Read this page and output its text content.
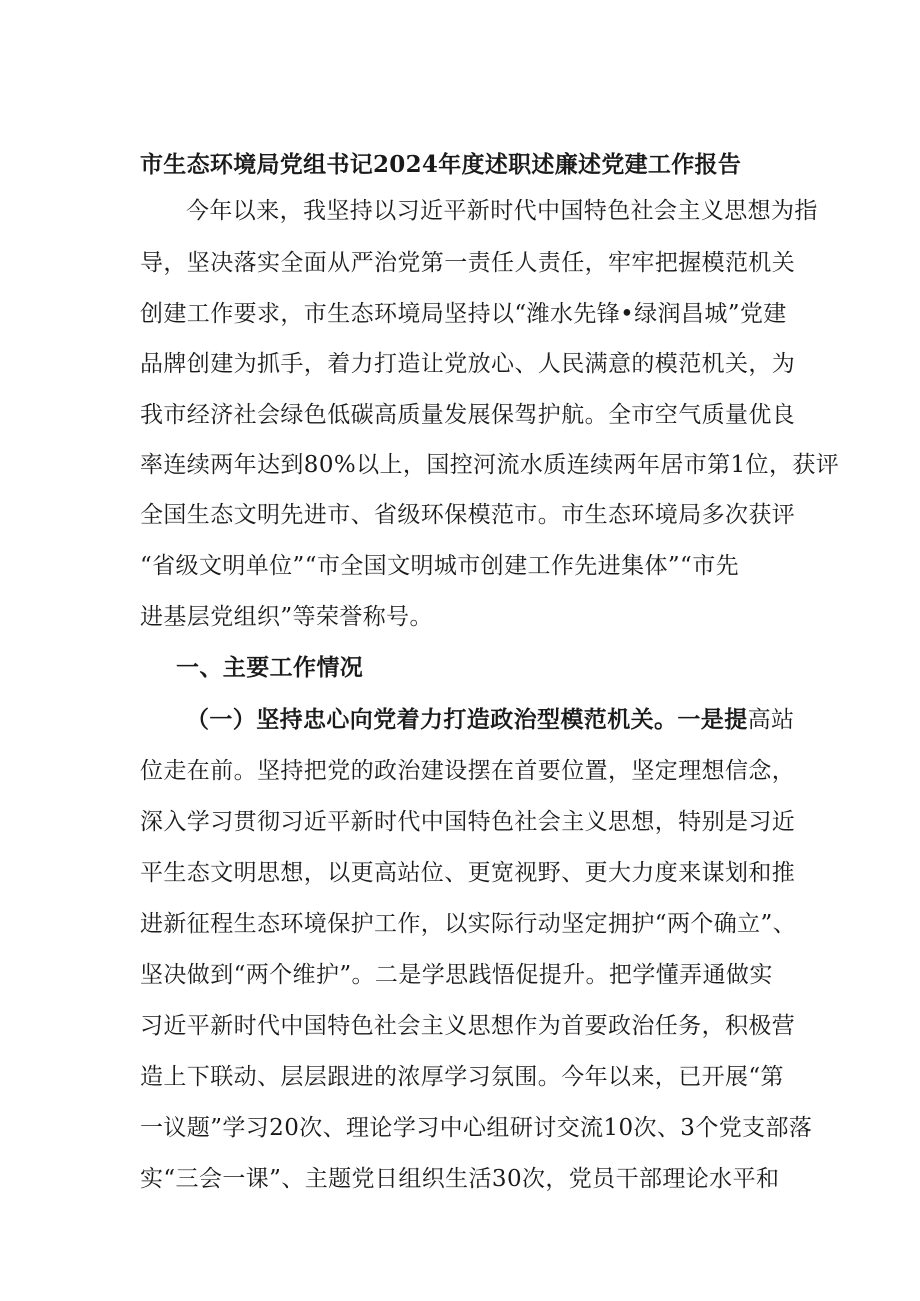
市生态环境局党组书记2024年度述职述廉述党建工作报告
今年以来，我坚持以习近平新时代中国特色社会主义思想为指
导，坚决落实全面从严治党第一责任人责任，牢牢把握模范机关
创建工作要求，市生态环境局坚持以“潍水先锋•绿润昌城”党建
品牌创建为抓手，着力打造让党放心、人民满意的模范机关，为
我市经济社会绿色低碳高质量发展保驾护航。全市空气质量优良
率连续两年达到80%以上，国控河流水质连续两年居市第1位，获评
全国生态文明先进市、省级环保模范市。市生态环境局多次获评
“省级文明单位”“市全国文明城市创建工作先进集体”“市先
进基层党组织”等荣誉称号。
一、主要工作情况
（一）坚持忠心向党着力打造政治型模范机关。一是提高站
位走在前。坚持把党的政治建设摆在首要位置，坚定理想信念，
深入学习贯彻习近平新时代中国特色社会主义思想，特别是习近
平生态文明思想，以更高站位、更宽视野、更大力度来谋划和推
进新征程生态环境保护工作，以实际行动坚定拥护“两个确立”、
坚决做到“两个维护”。二是学思践悟促提升。把学懂弄通做实
习近平新时代中国特色社会主义思想作为首要政治任务，积极营
造上下联动、层层跟进的浓厚学习氛围。今年以来，已开展“第
一议题”学习20次、理论学习中心组研讨交流10次、3个党支部落
实“三会一课”、主题党日组织生活30次，党员干部理论水平和
